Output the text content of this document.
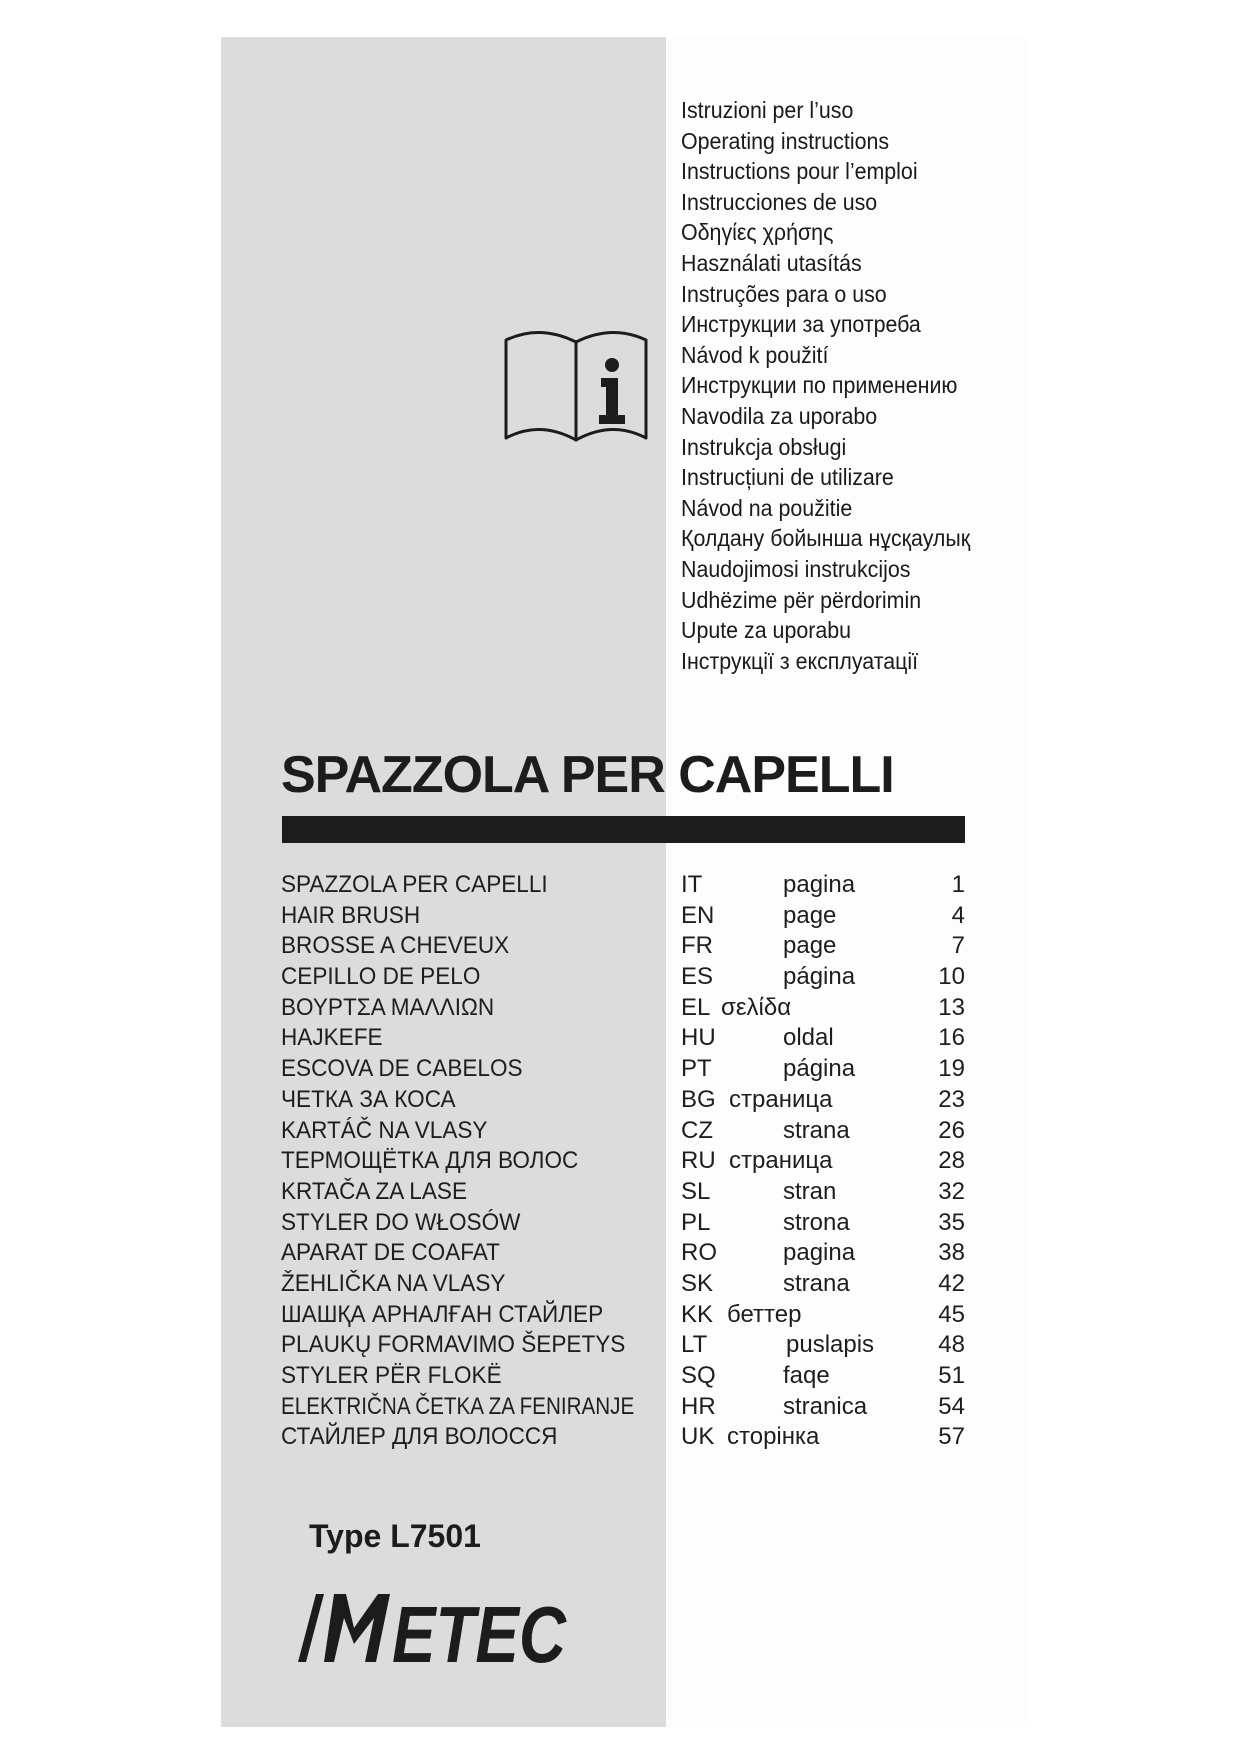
Istruzioni per l’uso
Operating instructions
Instructions pour l’emploi
Instrucciones de uso
Οδηγίες χρήσης
Használati utasítás
Instruções para o uso
Инструкции за употреба
Návod k použití
Инструкции по применению
Navodila za uporabo
Instrukcja obsługi
Instrucțiuni de utilizare
Návod na použitie
Қолдану бойынша нұсқаулық
Naudojimosi instrukcijos
Udhëzime për përdorimin
Upute za uporabu
Інструкції з експлуатації
SPAZZOLA PER CAPELLI
SPAZZOLA PER CAPELLI	IT	pagina	1
HAIR BRUSH	EN	page	4
BROSSE A CHEVEUX	FR	page	7
CEPILLO DE PELO	ES	página	10
ΒΟΥΡΤΣΑ ΜΑΛΛΙΩΝ	EL σελίδα	13
HAJKEFE	HU	oldal	16
ESCOVA DE CABELOS	PT	página	19
ЧЕТКА ЗА КОСА	BG страница	23
KARTÁČ NA VLASY	CZ	strana	26
ТЕРМОЩЁТКА ДЛЯ ВОЛОС	RU страница	28
KRTAČA ZA LASE	SL	stran	32
STYLER DO WŁOSÓW	PL	strona	35
APARAT DE COAFAT	RO	pagina	38
ŽEHLIČKA NA VLASY	SK	strana	42
ШАШҚА АРНАЛҒАН СТАЙЛЕР	KK беттер	45
PLAUKŲ FORMAVIMO ŠEPETYS LT	puslapis	48
STYLER PËR FLOKË	SQ	faqe	51
ELEKTRIČNA ČETKA ZA FENIRANJE HR	stranica	54
СТАЙЛЕР ДЛЯ ВОЛОССЯ	UK сторінка	57
Type L7501
ETEC
